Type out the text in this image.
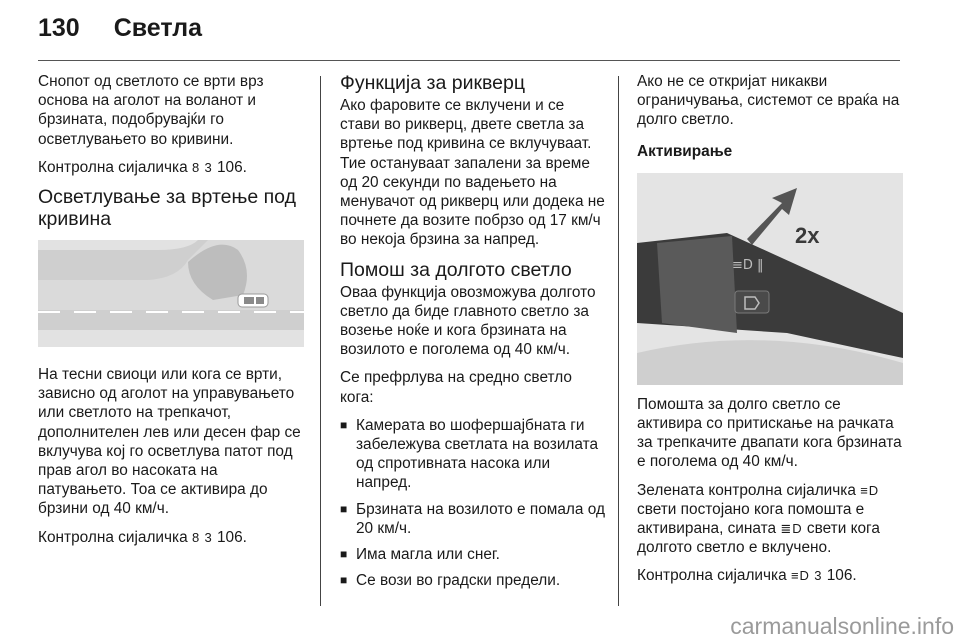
130 Светла

Снопот од светлото се врти врз основа на аголот на воланот и брзината, подобрувајќи го осветлувањето во кривини.

Контролна сијаличка 8 3 106.

Осветлување за вртење под кривина

На тесни свиоци или кога се врти, зависно од аголот на управувањето или светлото на трепкачот, дополнителен лев или десен фар се вклучува кој го осветлува патот под прав агол во насоката на патувањето. Тоа се активира до брзини од 40 км/ч.

Контролна сијаличка 8 3 106.

Функција за рикверц

Ако фаровите се вклучени и се стави во рикверц, двете светла за вртење под кривина се вклучуваат. Тие остануваат запалени за време од 20 секунди по вадењето на менувачот од рикверц или додека не почнете да возите побрзо од 17 км/ч во некоја брзина за напред.

Помош за долгото светло

Оваа функција овозможува долгото светло да биде главното светло за возење ноќе и кога брзината на возилото е поголема од 40 км/ч.

Се префрлува на средно светло кога:

■ Камерата во шофершајбната ги забележува светлата на возилата од спротивната насока или напред.
■ Брзината на возилото е помала од 20 км/ч.
■ Има магла или снег.
■ Се вози во градски предели.

Ако не се откријат никакви ограничувања, системот се враќа на долго светло.

Активирање
≡D ‖
2x

Помошта за долго светло се активира со притискање на рачката за трепкачите двапати кога брзината е поголема од 40 км/ч.

Зелената контролна сијаличка ≡D свети постојано кога помошта е активирана, сината ≣D свети кога долгото светло е вклучено.

Контролна сијаличка ≡D 3 106.

carmanualsonline.info
